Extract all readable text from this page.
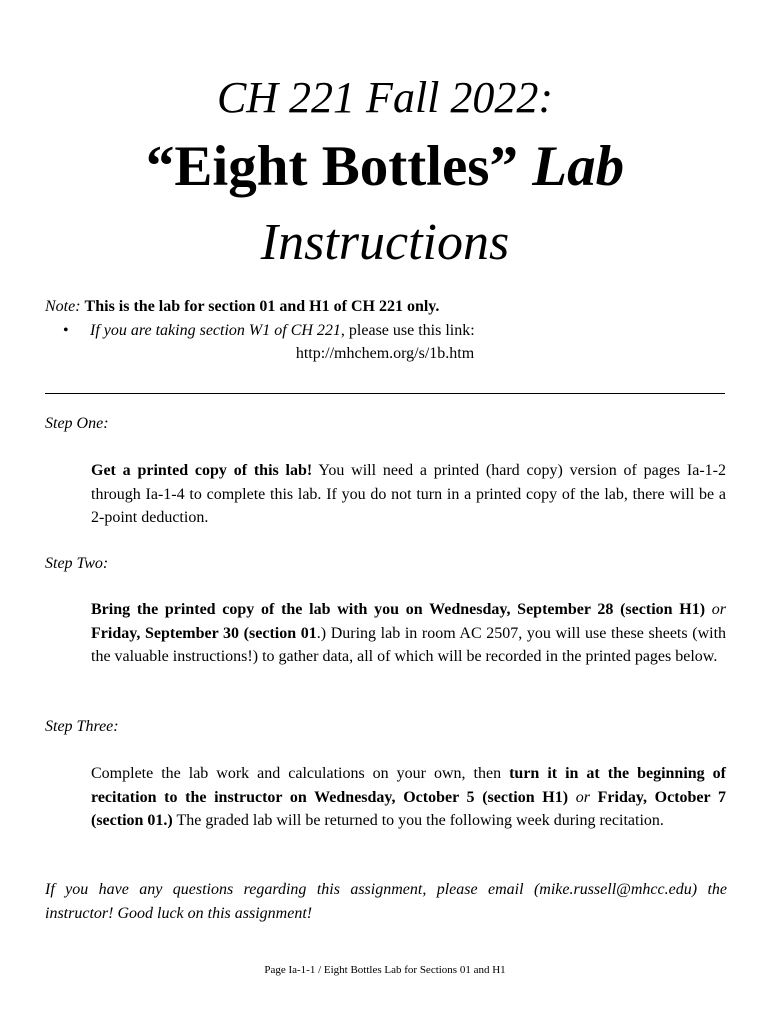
CH 221 Fall 2022:
“Eight Bottles” Lab
Instructions
Note: This is the lab for section 01 and H1 of CH 221 only.
• If you are taking section W1 of CH 221, please use this link:
http://mhchem.org/s/1b.htm
Step One:
Get a printed copy of this lab! You will need a printed (hard copy) version of pages Ia-1-2 through Ia-1-4 to complete this lab. If you do not turn in a printed copy of the lab, there will be a 2-point deduction.
Step Two:
Bring the printed copy of the lab with you on Wednesday, September 28 (section H1) or Friday, September 30 (section 01.) During lab in room AC 2507, you will use these sheets (with the valuable instructions!) to gather data, all of which will be recorded in the printed pages below.
Step Three:
Complete the lab work and calculations on your own, then turn it in at the beginning of recitation to the instructor on Wednesday, October 5 (section H1) or Friday, October 7 (section 01.) The graded lab will be returned to you the following week during recitation.
If you have any questions regarding this assignment, please email (mike.russell@mhcc.edu) the instructor! Good luck on this assignment!
Page Ia-1-1 / Eight Bottles Lab for Sections 01 and H1
